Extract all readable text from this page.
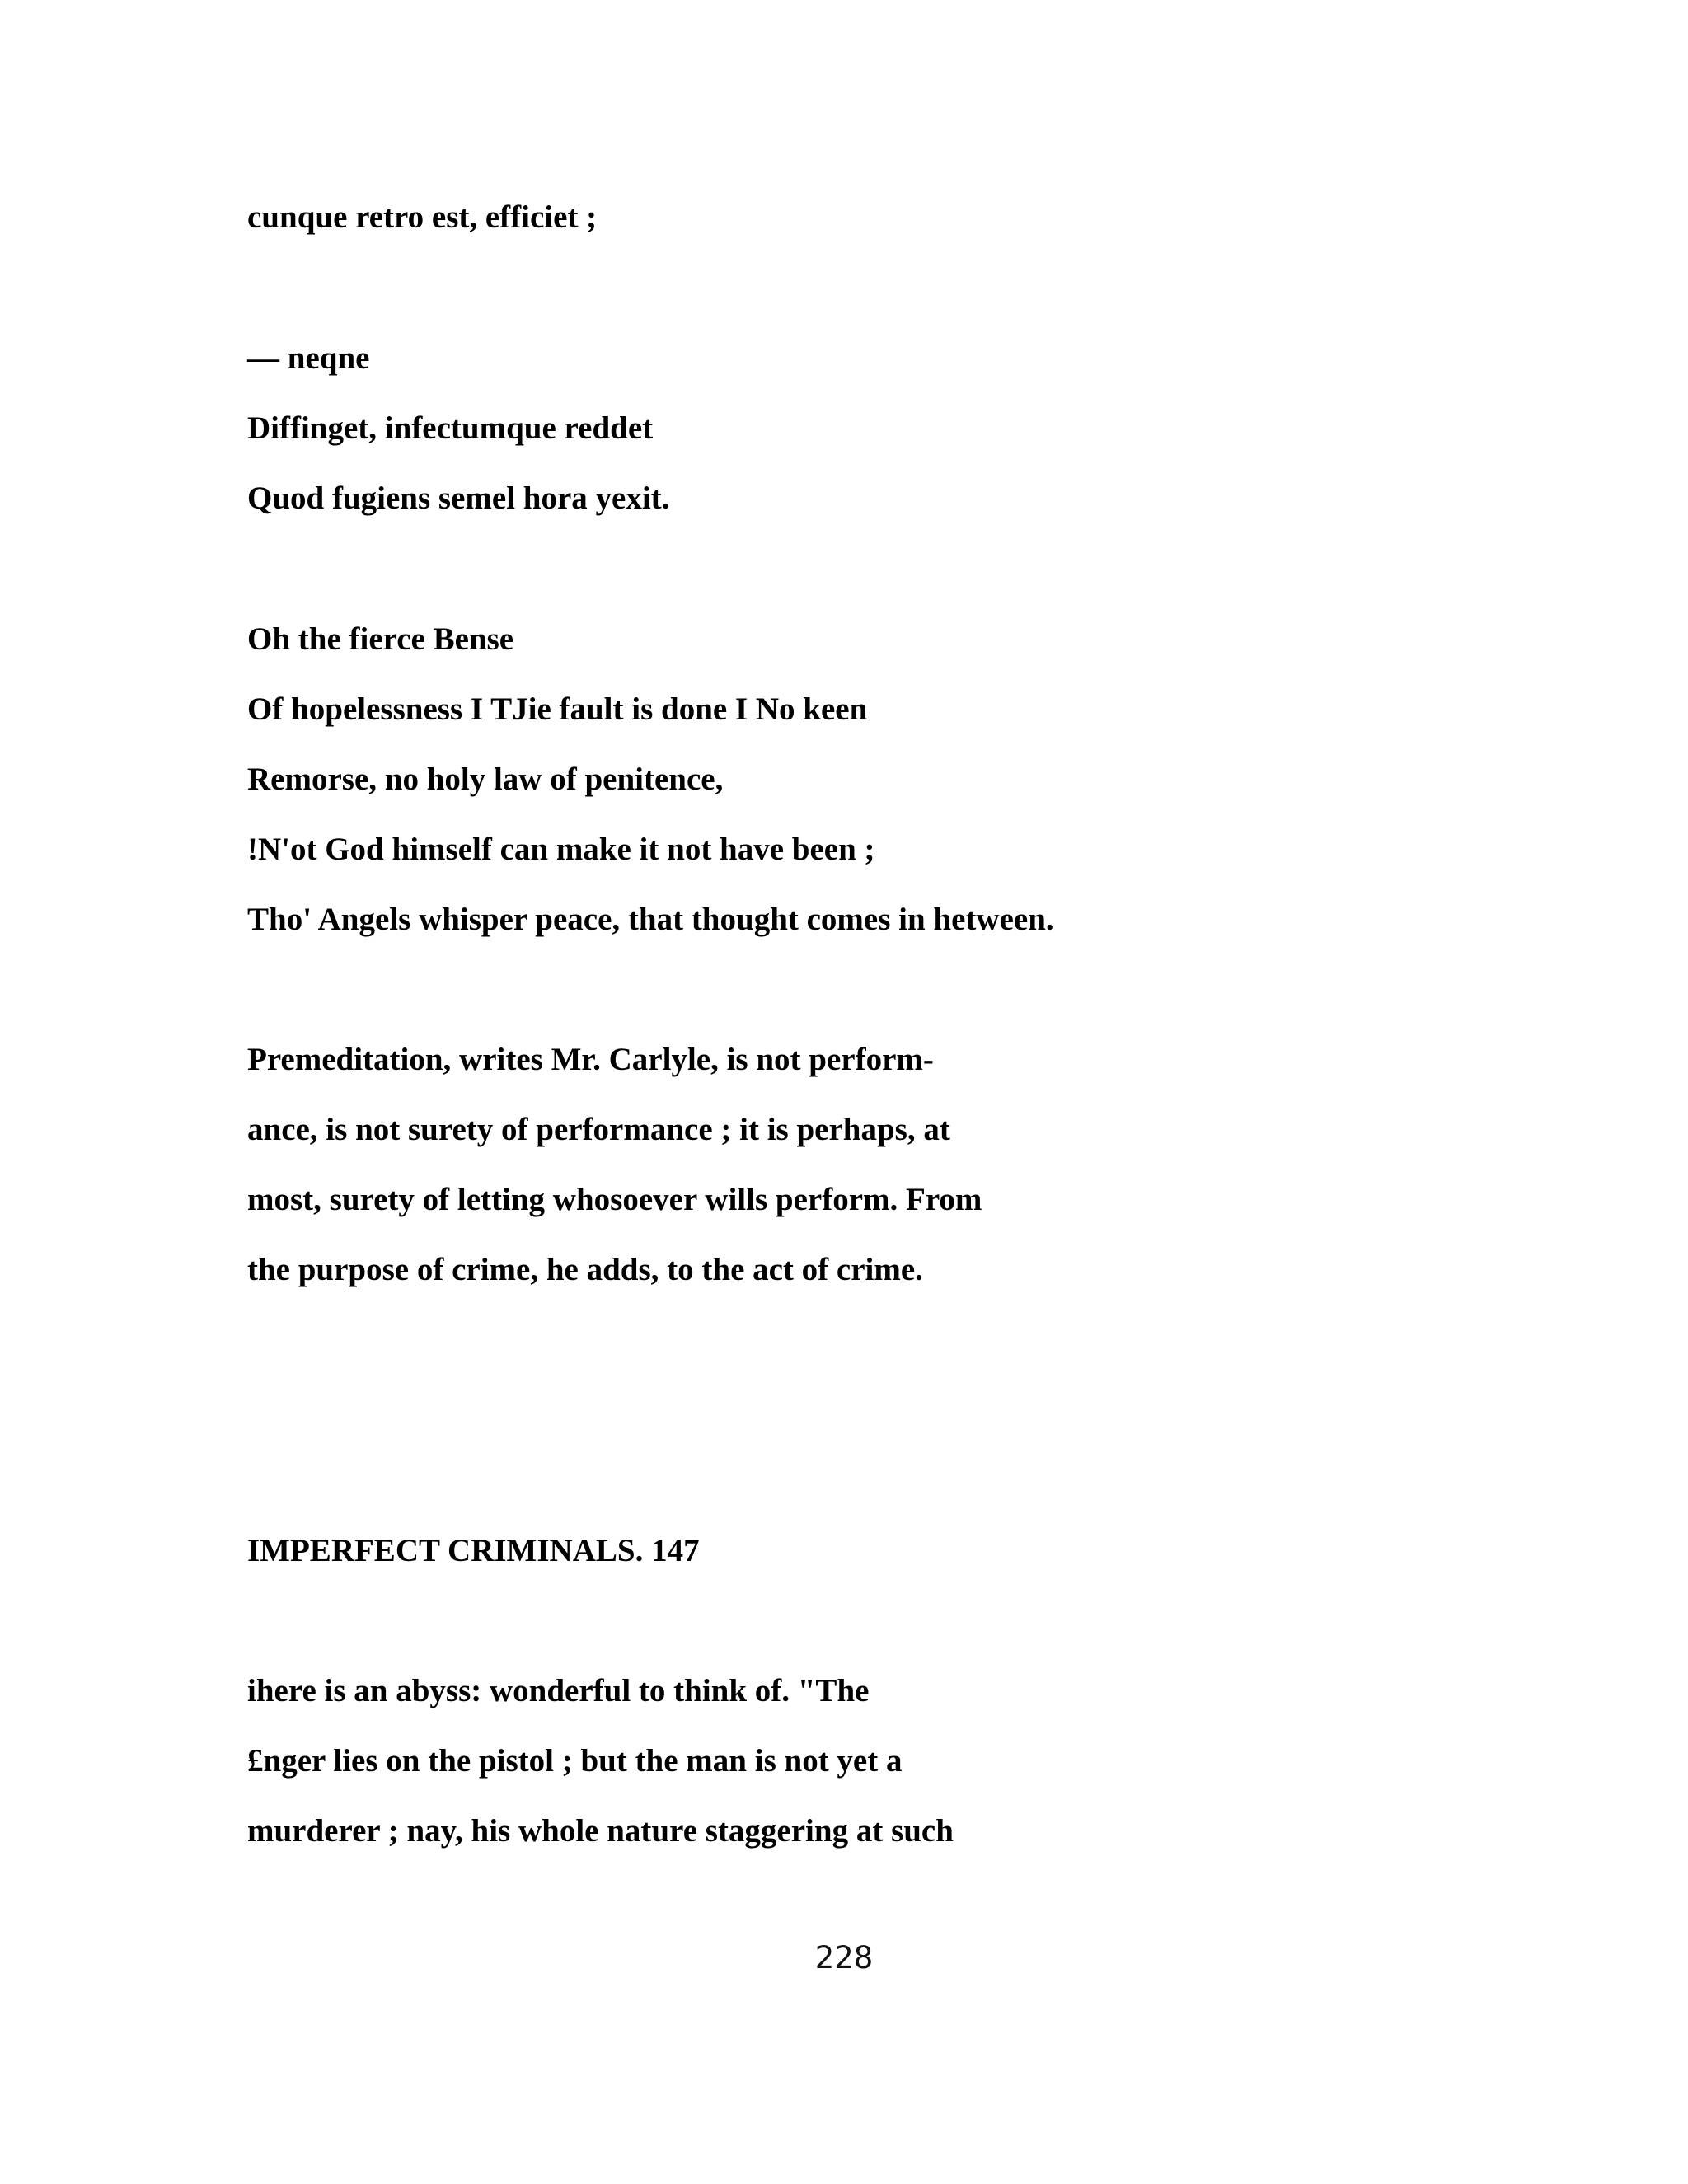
cunque retro est, efficiet ;

— neqne

Diffinget, infectumque reddet

Quod fugiens semel hora yexit.

Oh the fierce Bense

Of hopelessness I TJie fault is done I No keen

Remorse, no holy law of penitence,

!N'ot God himself can make it not have been ;

Tho' Angels whisper peace, that thought comes in hetween.

Premeditation, writes Mr. Carlyle, is not perform-

ance, is not surety of performance ; it is perhaps, at

most, surety of letting whosoever wills perform. From

the purpose of crime, he adds, to the act of crime.

IMPERFECT CRIMINALS. 147

ihere is an abyss: wonderful to think of. "The

£nger lies on the pistol ; but the man is not yet a

murderer ; nay, his whole nature staggering at such

228
